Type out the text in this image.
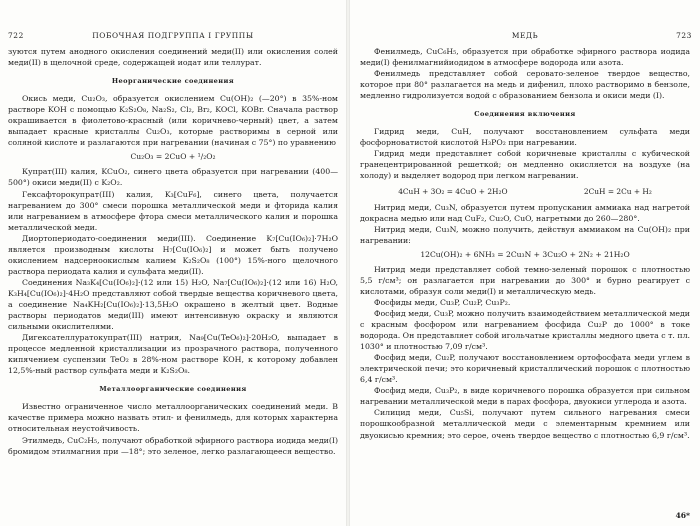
722	ПОБОЧНАЯ ПОДГРУППА I ГРУППЫ

зуются путем анодного окисления соединений меди(II) или окисления солей меди(II) в щелочной среде, содержащей иодат или теллурат.

Неорганические соединения

Окись меди, Cu₂O₃, образуется окислением Cu(OH)₂ (—20°) в 35%-ном растворе KOH с помощью K₂S₂O₈, Na₂S₂, Cl₂, Br₂, KOCl, KOBr. Сначала раствор окрашивается в фиолетово-красный (или коричнево-черный) цвет, а затем выпадает красные кристаллы Cu₂O₃, которые растворимы в серной или соляной кислоте и разлагаются при нагревании (начиная с 75°) по уравнению

Cu₂O₃ = 2CuO + ¹/₂O₂

Купрат(III) калия, KCuO₂, синего цвета образуется при нагревании (400—500°) окиси меди(II) с K₂O₂.

Гексафторокупрат(III) калия, K₃[CuF₆], синего цвета, получается нагреванием до 300° смеси порошка металлической меди и фторида калия или нагреванием в атмосфере фтора смеси металлического калия и порошка металлической меди.

Диортопериодато-соединения меди(III). Соединение K₇[Cu(IO₆)₂]·7H₂O является производным кислоты H₇[Cu(IO₆)₂] и может быть получено окислением надсерноокислым калием K₂S₂O₈ (100°) 15%-ного щелочного раствора периодата калия и сульфата меди(II).

Соединения Na₃K₄[Cu(IO₆)₂]·(12 или 15) H₂O, Na₇[Cu(IO₆)₂]·(12 или 16) H₂O, K₃H₄[Cu(IO₆)₂]·4H₂O представляют собой твердые вещества коричневого цвета, а соединение Na₄KH₂[Cu(IO₆)₂]·13,5H₂O окрашено в желтый цвет. Водные растворы периодатов меди(III) имеют интенсивную окраску и являются сильными окислителями.

Дигексателлуратокупрат(III) натрия, Na₉[Cu(TeO₆)₂]·20H₂O, выпадает в процессе медленной кристаллизации из прозрачного раствора, полученного кипячением суспензии TeO₂ в 28%-ном растворе KOH, к которому добавлен 12,5%-ный раствор сульфата меди и K₂S₂O₈.

Металлоорганические соединения

Известно ограниченное число металлоорганических соединений меди. В качестве примера можно назвать этил- и фенилмедь, для которых характерна относительная неустойчивость.

Этилмедь, CuC₂H₅, получают обработкой эфирного раствора иодида меди(I) бромидом этилмагния при —18°; это зеленое, легко разлагающееся вещество.

МЕДЬ	723

Фенилмедь, CuC₆H₅, образуется при обработке эфирного раствора иодида меди(I) фенилмагнийиодидом в атмосфере водорода или азота.

Фенилмедь представляет собой серовато-зеленое твердое вещество, которое при 80° разлагается на медь и дифенил, плохо растворимо в бензоле, медленно гидролизуется водой с образованием бензола и окиси меди (I).

Соединения включения

Гидрид меди, CuH, получают восстановлением сульфата меди фосфорноватистой кислотой H₃PO₂ при нагревании.

Гидрид меди представляет собой коричневые кристаллы с кубической гранецентрированной решеткой; он медленно окисляется на воздухе (на холоду) и выделяет водород при легком нагревании.

4CuH + 3O₂ = 4CuO + 2H₂O	2CuH = 2Cu + H₂

Нитрид меди, Cu₃N, образуется путем пропускания аммиака над нагретой докрасна медью или над CuF₂, Cu₂O, CuO, нагретыми до 260—280°.

Нитрид меди, Cu₃N, можно получить, действуя аммиаком на Cu(OH)₂ при нагревании:

12Cu(OH)₂ + 6NH₃ = 2Cu₃N + 3Cu₂O + 2N₂ + 21H₂O

Нитрид меди представляет собой темно-зеленый порошок с плотностью 5,5 г/см³; он разлагается при нагревании до 300° и бурно реагирует с кислотами, образуя соли меди(I) и металлическую медь.

Фосфиды меди, Cu₃P, Cu₂P, Cu₃P₂.

Фосфид меди, Cu₃P, можно получить взаимодействием металлической меди с красным фосфором или нагреванием фосфида Cu₂P до 1000° в токе водорода. Он представляет собой игольчатые кристаллы медного цвета с т. пл. 1030° и плотностью 7,09 г/см³.

Фосфид меди, Cu₂P, получают восстановлением ортофосфата меди углем в электрической печи; это коричневый кристаллический порошок с плотностью 6,4 г/см³.

Фосфид меди, Cu₃P₂, в виде коричневого порошка образуется при сильном нагревании металлической меди в парах фосфора, двуокиси углерода и азота.

Силицид меди, Cu₅Si, получают путем сильного нагревания смеси порошкообразной металлической меди с элементарным кремнием или двуокисью кремния; это серое, очень твердое вещество с плотностью 6,9 г/см³.

46*
